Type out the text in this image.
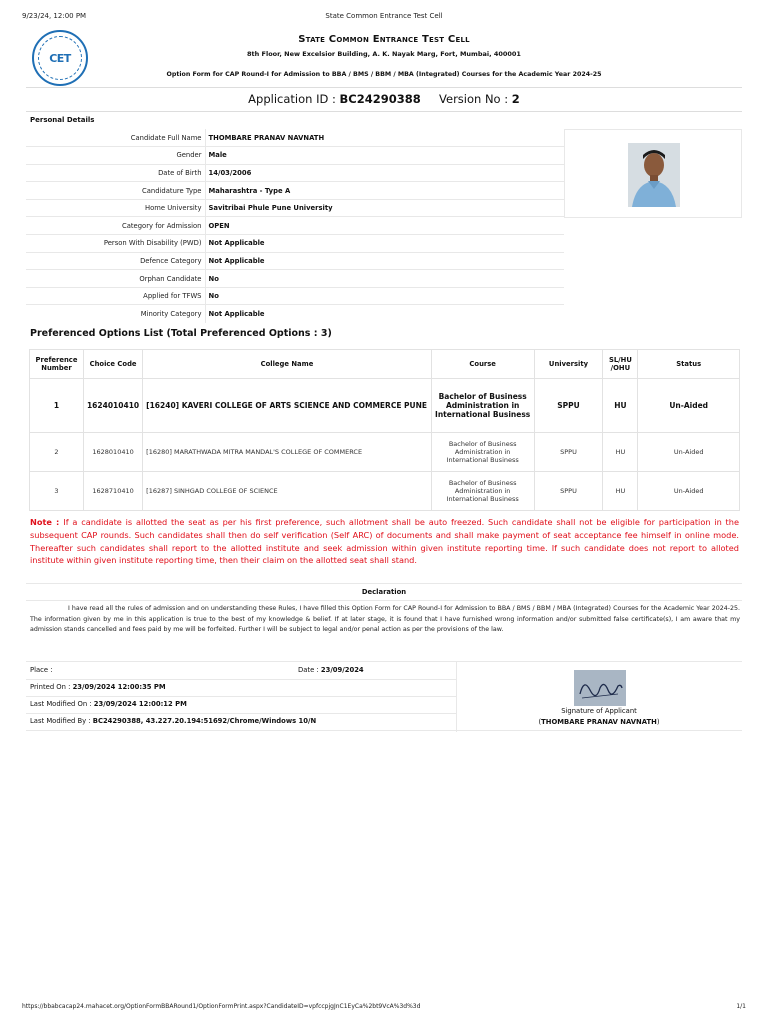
9/23/24, 12:00 PM	State Common Entrance Test Cell
CET
State Common Entrance Test Cell
8th Floor, New Excelsior Building, A. K. Nayak Marg, Fort, Mumbai, 400001
Option Form for CAP Round-I for Admission to BBA / BMS / BBM / MBA (Integrated) Courses for the Academic Year 2024-25
Application ID : BC24290388 Version No : 2
Personal Details
Candidate Full Name	THOMBARE PRANAV NAVNATH
Gender	Male
Date of Birth	14/03/2006
Candidature Type	Maharashtra - Type A
Home University	Savitribai Phule Pune University
Category for Admission	OPEN
Person With Disability (PWD)	Not Applicable
Defence Category	Not Applicable
Orphan Candidate	No
Applied for TFWS	No
Minority Category	Not Applicable
Preferenced Options List (Total Preferenced Options : 3)
Preference Number	Choice Code	College Name	Course	University	SL/HU /OHU	Status
1	1624010410	[16240] KAVERI COLLEGE OF ARTS SCIENCE AND COMMERCE PUNE	Bachelor of Business Administration in International Business	SPPU	HU	Un-Aided
2	1628010410	[16280] MARATHWADA MITRA MANDAL'S COLLEGE OF COMMERCE	Bachelor of Business Administration in International Business	SPPU	HU	Un-Aided
3	1628710410	[16287] SINHGAD COLLEGE OF SCIENCE	Bachelor of Business Administration in International Business	SPPU	HU	Un-Aided
Note : If a candidate is allotted the seat as per his first preference, such allotment shall be auto freezed. Such candidate shall not be eligible for participation in the subsequent CAP rounds. Such candidates shall then do self verification (Self ARC) of documents and shall make payment of seat acceptance fee himself in online mode. Thereafter such candidates shall report to the allotted institute and seek admission within given institute reporting time. If such candidate does not report to alloted institute within given institute reporting time, then their claim on the allotted seat shall stand.
Declaration
I have read all the rules of admission and on understanding these Rules, I have filled this Option Form for CAP Round-I for Admission to BBA / BMS / BBM / MBA (Integrated) Courses for the Academic Year 2024-25. The information given by me in this application is true to the best of my knowledge & belief. If at later stage, it is found that I have furnished wrong information and/or submitted false certificate(s), I am aware that my admission stands cancelled and fees paid by me will be forfeited. Further I will be subject to legal and/or penal action as per the provisions of the law.
Place :	Date : 23/09/2024
Printed On : 23/09/2024 12:00:35 PM
Last Modified On : 23/09/2024 12:00:12 PM
Last Modified By : BC24290388, 43.227.20.194:51692/Chrome/Windows 10/N
Signature of Applicant
(THOMBARE PRANAV NAVNATH)
https://bbabcacap24.mahacet.org/OptionFormBBARound1/OptionFormPrint.aspx?CandidateID=vpfccpjgJnC1EyCa%2bt9VcA%3d%3d	1/1
